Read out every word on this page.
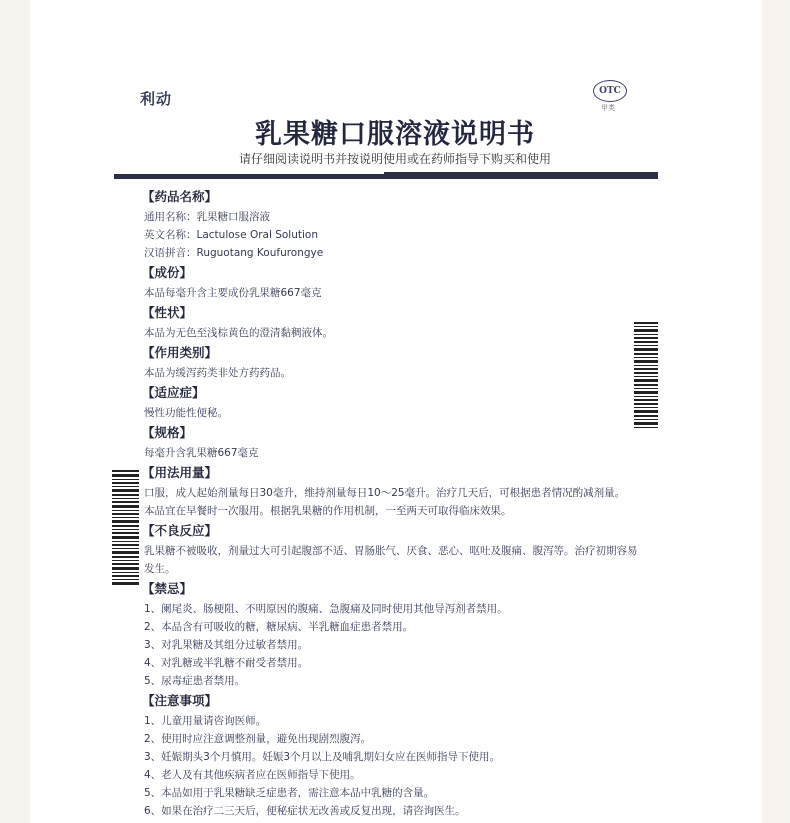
利动	OTC
甲类
乳果糖口服溶液说明书
请仔细阅读说明书并按说明使用或在药师指导下购买和使用
【药品名称】
通用名称：乳果糖口服溶液
英文名称：Lactulose Oral Solution
汉语拼音：Ruguotang Koufurongye
【成份】
本品每毫升含主要成份乳果糖667毫克
【性状】
本品为无色至浅棕黄色的澄清黏稠液体。
【作用类别】
本品为缓泻药类非处方药药品。
【适应症】
慢性功能性便秘。
【规格】
每毫升含乳果糖667毫克
【用法用量】
口服，成人起始剂量每日30毫升，维持剂量每日10～25毫升。治疗几天后，可根据患者情况酌减剂量。
本品宜在早餐时一次服用。根据乳果糖的作用机制，一至两天可取得临床效果。
【不良反应】
乳果糖不被吸收，剂量过大可引起腹部不适、胃肠胀气、厌食、恶心、呕吐及腹痛、腹泻等。治疗初期容易发生。
【禁忌】
1、阑尾炎、肠梗阻、不明原因的腹痛、急腹痛及同时使用其他导泻剂者禁用。
2、本品含有可吸收的糖，糖尿病、半乳糖血症患者禁用。
3、对乳果糖及其组分过敏者禁用。
4、对乳糖或半乳糖不耐受者禁用。
5、尿毒症患者禁用。
【注意事项】
1、儿童用量请咨询医师。
2、使用时应注意调整剂量，避免出现剧烈腹泻。
3、妊娠期头3个月慎用。妊娠3个月以上及哺乳期妇女应在医师指导下使用。
4、老人及有其他疾病者应在医师指导下使用。
5、本品如用于乳果糖缺乏症患者，需注意本品中乳糖的含量。
6、如果在治疗二三天后，便秘症状无改善或反复出现，请咨询医生。
